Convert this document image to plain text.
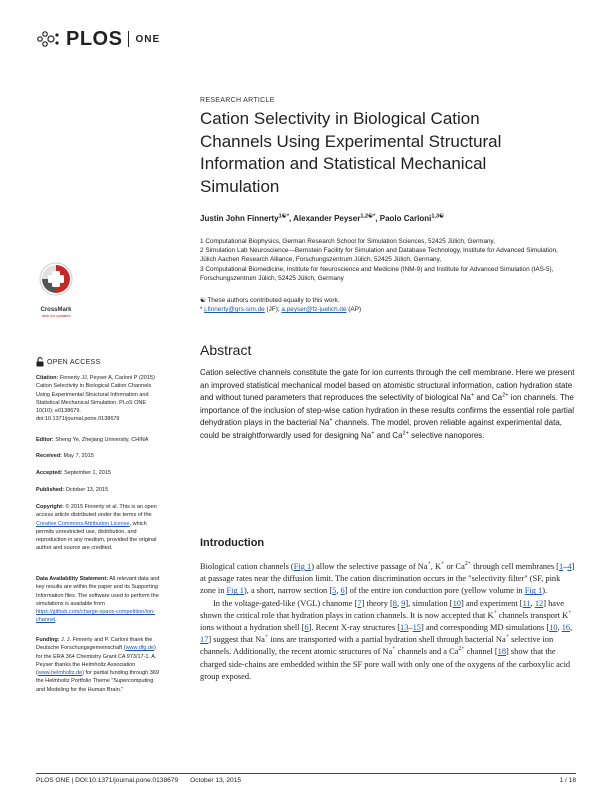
PLOS ONE
RESEARCH ARTICLE
Cation Selectivity in Biological Cation Channels Using Experimental Structural Information and Statistical Mechanical Simulation
Justin John Finnerty$^{1☯*}$, Alexander Peyser$^{1,2☯*}$, Paolo Carloni$^{1,3☯}$
1 Computational Biophysics, German Research School for Simulation Sciences, 52425 Jülich, Germany,
2 Simulation Lab Neuroscience—Bernstein Facility for Simulation and Database Technology, Institute for Advanced Simulation, Jülich Aachen Research Alliance, Forschungszentrum Jülich, 52425 Jülich, Germany,
3 Computational Biomedicine, Institute for Neuroscience and Medicine (INM-9) and Institute for Advanced Simulation (IAS-5), Forschungszentrum Jülich, 52425 Jülich, Germany
☯ These authors contributed equally to this work.
* j.finnerty@grs-sim.de (JF); a.peyser@fz-juelich.de (AP)
CrossMark
click for updates
OPEN ACCESS

Citation: Finnerty JJ, Peyser A, Carloni P (2015) Cation Selectivity in Biological Cation Channels Using Experimental Structural Information and Statistical Mechanical Simulation. PLoS ONE 10(10): e0138679. doi:10.1371/journal.pone.0138679

Editor: Sheng Ye, Zhejiang University, CHINA

Received: May 7, 2015

Accepted: September 1, 2015

Published: October 13, 2015

Copyright: © 2015 Finnerty et al. This is an open access article distributed under the terms of the Creative Commons Attribution License, which permits unrestricted use, distribution, and reproduction in any medium, provided the original author and source are credited.

Data Availability Statement: All relevant data and key results are within the paper and its Supporting Information files. The software used to perform the simulations is available from https://github.com/charge-space-competition/ion-channel.

Funding: J. J. Finnerty and P. Carloni thank the Deutsche Forschungsgemeinschaft (www.dfg.de) for the ERA 364 Chemistry Grant CA 973/17-1. A. Peyser thanks the Helmholtz Association (www.helmholtz.de) for partial funding through 369 the Helmholtz Portfolio Theme "Supercomputing and Modeling for the Human Brain."

Abstract
Cation selective channels constitute the gate for ion currents through the cell membrane. Here we present an improved statistical mechanical model based on atomistic structural information, cation hydration state and without tuned parameters that reproduces the selectivity of biological Na+ and $Ca^{2+}$ ion channels. The importance of the inclusion of step-wise cation hydration in these results confirms the essential role partial dehydration plays in the bacterial Na+ channels. The model, proven reliable against experimental data, could be straightforwardly used for designing Na+ and $Ca^{2+}$ selective nanopores.
Introduction

Biological cation channels (Fig 1) allow the selective passage of Na+, K+ or $Ca^{2+}$ through cell membranes [1–4] at passage rates near the diffusion limit. The cation discrimination occurs in the "selectivity filter" (SF, pink zone in Fig 1), a short, narrow section [5, 6] of the entire ion conduction pore (yellow volume in Fig 1).

In the voltage-gated-like (VGL) chanome [7] theory [8, 9], simulation [10] and experiment [11, 12] have shown the critical role that hydration plays in cation channels. It is now accepted that K+ channels transport K+ ions without a hydration shell [6]. Recent X-ray structures [13–15] and corresponding MD simulations [10, 16, 17] suggest that Na+ ions are transported with a partial hydration shell through bacterial Na+ selective ion channels. Additionally, the recent atomic structures of Na+ channels and a $Ca^{2+}$ channel [18] show that the charged side-chains are embedded within the SF pore wall with only one of the oxygens of the carboxylic acid group exposed.

PLOS ONE | DOI:10.1371/journal.pone.0138679 October 13, 2015	1 / 18
